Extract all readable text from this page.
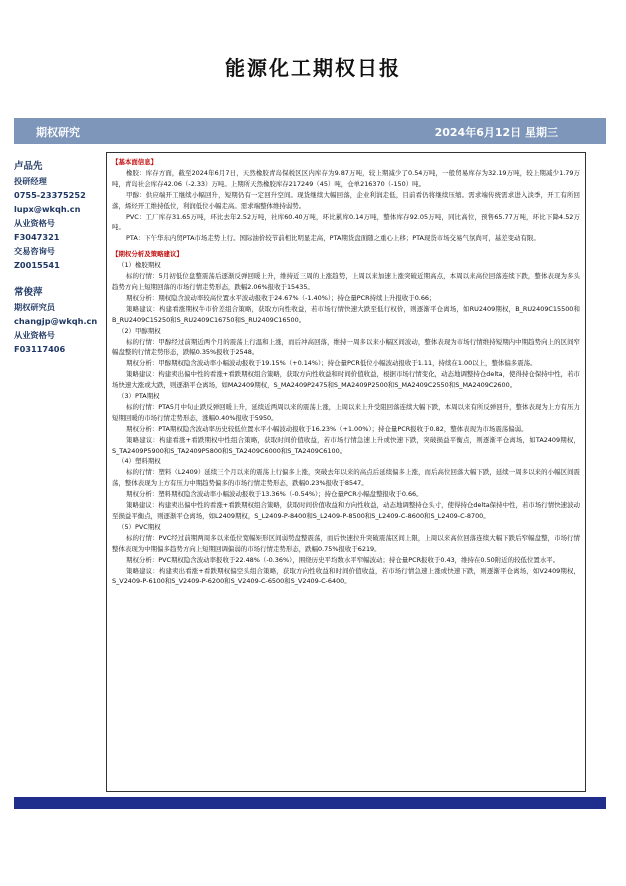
能源化工期权日报
期权研究	2024年6月12日 星期三
卢品先
投研经理
0755-23375252
lupx@wkqh.cn
从业资格号
F3047321
交易咨询号
Z0015541
常俊萍
期权研究员
changjp@wkqh.cn
从业资格号
F03117406

【基本面信息】

橡胶：库存方面，截至2024年6月7日，天然橡胶青岛保税区区内库存为9.87万吨，较上期减少了0.54万吨，一般贸易库存为32.19万吨，较上期减少1.79万吨，青岛社会库存42.06（-2.33）万吨。上期所天然橡胶库存217249（45）吨，仓单216370（-150）吨。

甲醇：供应端开工继续小幅回升，短期仍有一定回升空间。现货继续大幅回落，企业利润走低，目前看仍将继续压缩。需求端传统需求进入淡季，开工有所回落，烯烃开工维持低位，利润低位小幅走高。需求端整体维持弱势。

PVC：工厂库存31.65万吨，环比去年2.52万吨，社库60.40万吨，环比累库0.14万吨，整体库存92.05万吨，同比高位，预售65.77万吨，环比下降4.52万吨。

PTA：下午华东内贸PTA市场走势上行。国际油价较节前相比明显走高，PTA期货盘面随之重心上移；PTA现货市场交易气氛尚可，基差变动有限。

【期权分析及策略建议】

（1）橡胶期权

标的行情：5月初低位盘整震荡后逐渐反弹回暖上升，维持近三周的上涨趋势，上周以来加速上涨突破近期高点，本周以来高位回落连续下跌，整体表现为多头趋势方向上短期回落的市场行情走势形态，跌幅2.06%报收于15435。

期权分析：期权隐含波动率较高位置水平波动报收于24.67%（-1.40%）；持仓量PCR持续上升报收于0.66；

策略建议：构建看涨期权牛市价差组合策略，获取方向性收益，若市场行情快速大跌至低行权价，则逐渐平仓离场，如RU2409期权，B_RU2409C15500和B_RU2409C15250和S_RU2409C16750和S_RU2409C16500。

（2）甲醇期权

标的行情：甲醇经过前期近两个月的震荡上行温和上涨，而后冲高回落，维持一周多以来小幅区间波动，整体表现为市场行情维持短期内中期趋势向上的区间窄幅盘整的行情走势形态，跌幅0.35%报收于2548。

期权分析：甲醇期权隐含波动率小幅波动报收于19.15%（+0.14%）；持仓量PCR低位小幅波动报收于1.11，持续在1.00以上，整体偏多震荡。

策略建议：构建卖出偏中性的看涨+看跌期权组合策略，获取方向性收益和时间价值收益，根据市场行情变化，动态地调整持仓delta，使得持仓保持中性，若市场快速大涨或大跌，则逐渐平仓离场，如MA2409期权，S_MA2409P2475和S_MA2409P2500和S_MA2409C2550和S_MA2409C2600。

（3）PTA期权

标的行情：PTA5月中旬止跌反弹回暖上升，延续近两周以来的震荡上涨，上周以来上升受阻回落连续大幅下跌，本周以来有所反弹回升，整体表现为上方有压力短期回暖的市场行情走势形态，涨幅0.40%报收于5950。

期权分析：PTA期权隐含波动率历史较低位置水平小幅波动报收于16.23%（+1.00%）；持仓量PCR报收于0.82，整体表现为市场震荡偏弱。

策略建议：构建看涨+看跌期权中性组合策略，获取时间价值收益，若市场行情急速上升或快速下跌，突破损益平衡点，则逐渐平仓离场，如TA2409期权，S_TA2409P5900和S_TA2409P5800和S_TA2409C6000和S_TA2409C6100。

（4）塑料期权

标的行情：塑料（L2409）延续三个月以来的震荡上行偏多上涨，突破去年以来的高点后延续偏多上涨，而后高位回落大幅下跌，延续一周多以来的小幅区间震荡，整体表现为上方有压力中期趋势偏多的市场行情走势形态，跌幅0.23%报收于8547。

期权分析：塑料期权隐含波动率小幅波动报收于13.36%（-0.54%）；持仓量PCR小幅盘整报收于0.66。

策略建议：构建卖出偏中性的看涨+看跌期权组合策略，获取时间价值收益和方向性收益，动态地调整持仓头寸，使得持仓delta保持中性，若市场行情快速波动至损益平衡点，则逐渐平仓离场，如L2409期权，S_L2409-P-8400和S_L2409-P-8500和S_L2409-C-8600和S_L2409-C-8700。

（5）PVC期权

标的行情：PVC经过前期两周多以来低位宽幅矩形区间弱势盘整震荡，而后快速拉升突破震荡区间上限，上周以来高位回落连续大幅下跌后窄幅盘整，市场行情整体表现为中期偏多趋势方向上短期回调偏弱的市场行情走势形态，跌幅0.75%报收于6219。

期权分析：PVC期权隐含波动率报收于22.48%（-0.36%），围绕历史平均数水平窄幅波动；持仓量PCR报收于0.43，维持在0.50附近的较低位置水平。

策略建议：构建卖出看涨+看跌期权偏空头组合策略，获取方向性收益和时间价值收益，若市场行情急速上涨或快速下跌，则逐渐平仓离场，如V2409期权，S_V2409-P-6100和S_V2409-P-6200和S_V2409-C-6500和S_V2409-C-6400。
